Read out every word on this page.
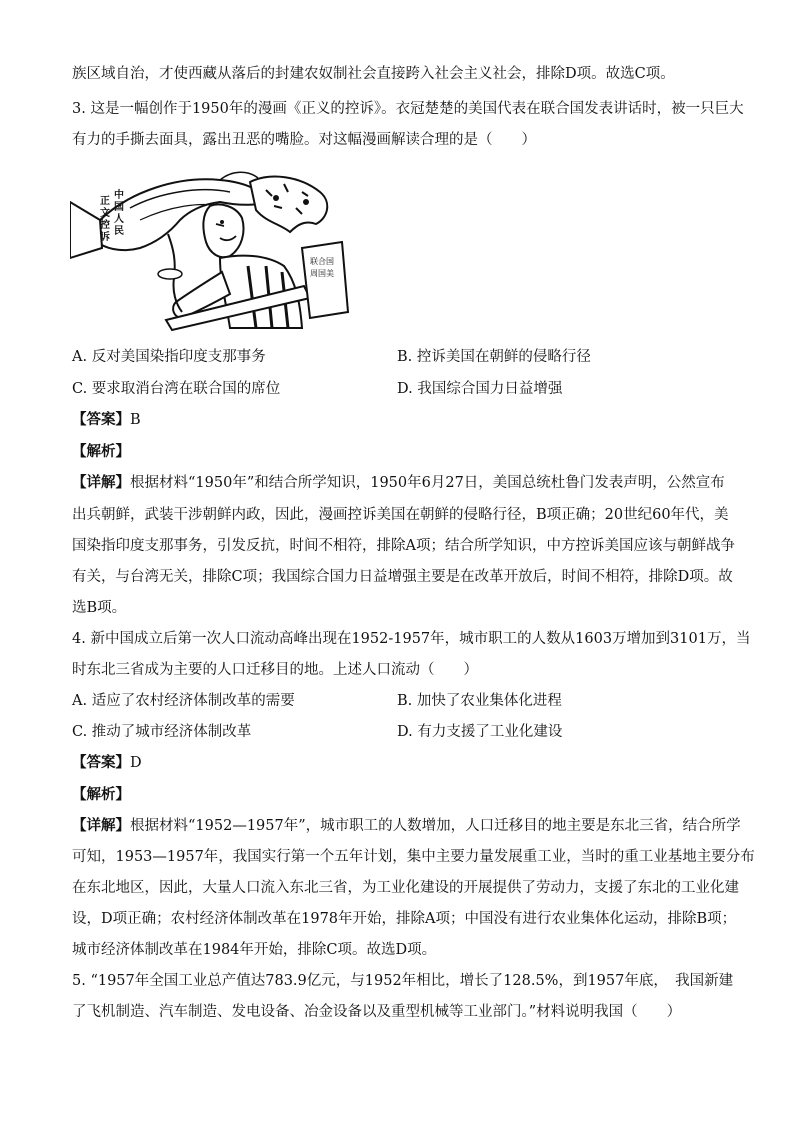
族区域自治，才使西藏从落后的封建农奴制社会直接跨入社会主义社会，排除D项。故选C项。
3. 这是一幅创作于1950年的漫画《正义的控诉》。衣冠楚楚的美国代表在联合国发表讲话时，被一只巨大
有力的手撕去面具，露出丑恶的嘴脸。对这幅漫画解读合理的是（　　）
正
文
控
诉
中
国
人
民
联合国
周国美
A. 反对美国染指印度支那事务	B. 控诉美国在朝鲜的侵略行径
C. 要求取消台湾在联合国的席位	D. 我国综合国力日益增强
【答案】B
【解析】
【详解】根据材料“1950年”和结合所学知识，1950年6月27日，美国总统杜鲁门发表声明，公然宣布
出兵朝鲜，武装干涉朝鲜内政，因此，漫画控诉美国在朝鲜的侵略行径，B项正确；20世纪60年代，美
国染指印度支那事务，引发反抗，时间不相符，排除A项；结合所学知识，中方控诉美国应该与朝鲜战争
有关，与台湾无关，排除C项；我国综合国力日益增强主要是在改革开放后，时间不相符，排除D项。故
选B项。
4. 新中国成立后第一次人口流动高峰出现在1952-1957年，城市职工的人数从1603万增加到3101万，当
时东北三省成为主要的人口迁移目的地。上述人口流动（　　）
A. 适应了农村经济体制改革的需要	B. 加快了农业集体化进程
C. 推动了城市经济体制改革	D. 有力支援了工业化建设
【答案】D
【解析】
【详解】根据材料“1952—1957年”，城市职工的人数增加，人口迁移目的地主要是东北三省，结合所学
可知，1953—1957年，我国实行第一个五年计划，集中主要力量发展重工业，当时的重工业基地主要分布
在东北地区，因此，大量人口流入东北三省，为工业化建设的开展提供了劳动力，支援了东北的工业化建
设，D项正确；农村经济体制改革在1978年开始，排除A项；中国没有进行农业集体化运动，排除B项；
城市经济体制改革在1984年开始，排除C项。故选D项。
5. “1957年全国工业总产值达783.9亿元，与1952年相比，增长了128.5%，到1957年底，　我国新建
了飞机制造、汽车制造、发电设备、冶金设备以及重型机械等工业部门。”材料说明我国（　　）
